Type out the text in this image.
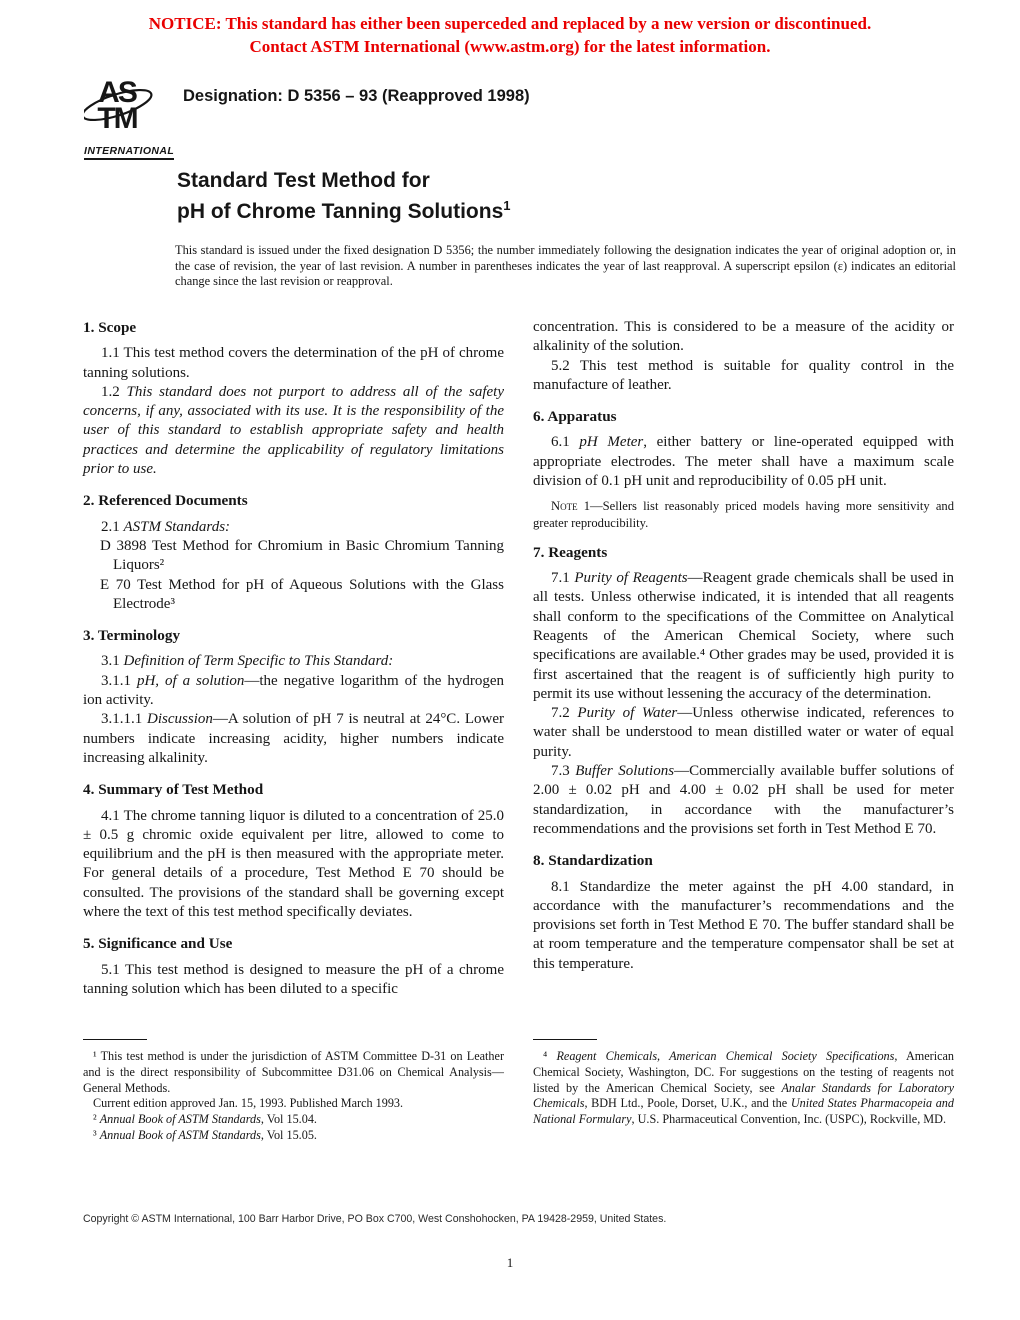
NOTICE: This standard has either been superceded and replaced by a new version or discontinued.
Contact ASTM International (www.astm.org) for the latest information.
AS
TM
INTERNATIONAL
Designation: D 5356 – 93 (Reapproved 1998)
Standard Test Method for
pH of Chrome Tanning Solutions$^1$

This standard is issued under the fixed designation D 5356; the number immediately following the designation indicates the year of original adoption or, in the case of revision, the year of last revision. A number in parentheses indicates the year of last reapproval. A superscript epsilon (ε) indicates an editorial change since the last revision or reapproval.

1. Scope

1.1 This test method covers the determination of the pH of chrome tanning solutions.

1.2 This standard does not purport to address all of the safety concerns, if any, associated with its use. It is the responsibility of the user of this standard to establish appropriate safety and health practices and determine the applicability of regulatory limitations prior to use.

2. Referenced Documents

2.1 ASTM Standards:

D 3898 Test Method for Chromium in Basic Chromium Tanning Liquors²

E 70 Test Method for pH of Aqueous Solutions with the Glass Electrode³

3. Terminology

3.1 Definition of Term Specific to This Standard:

3.1.1 pH, of a solution—the negative logarithm of the hydrogen ion activity.

3.1.1.1 Discussion—A solution of pH 7 is neutral at 24°C. Lower numbers indicate increasing acidity, higher numbers indicate increasing alkalinity.

4. Summary of Test Method

4.1 The chrome tanning liquor is diluted to a concentration of 25.0 ± 0.5 g chromic oxide equivalent per litre, allowed to come to equilibrium and the pH is then measured with the appropriate meter. For general details of a procedure, Test Method E 70 should be consulted. The provisions of the standard shall be governing except where the text of this test method specifically deviates.

5. Significance and Use

5.1 This test method is designed to measure the pH of a chrome tanning solution which has been diluted to a specific

concentration. This is considered to be a measure of the acidity or alkalinity of the solution.

5.2 This test method is suitable for quality control in the manufacture of leather.

6. Apparatus

6.1 pH Meter, either battery or line-operated equipped with appropriate electrodes. The meter shall have a maximum scale division of 0.1 pH unit and reproducibility of 0.05 pH unit.

Note 1—Sellers list reasonably priced models having more sensitivity and greater reproducibility.

7. Reagents

7.1 Purity of Reagents—Reagent grade chemicals shall be used in all tests. Unless otherwise indicated, it is intended that all reagents shall conform to the specifications of the Committee on Analytical Reagents of the American Chemical Society, where such specifications are available.⁴ Other grades may be used, provided it is first ascertained that the reagent is of sufficiently high purity to permit its use without lessening the accuracy of the determination.

7.2 Purity of Water—Unless otherwise indicated, references to water shall be understood to mean distilled water or water of equal purity.

7.3 Buffer Solutions—Commercially available buffer solutions of 2.00 ± 0.02 pH and 4.00 ± 0.02 pH shall be used for meter standardization, in accordance with the manufacturer’s recommendations and the provisions set forth in Test Method E 70.

8. Standardization

8.1 Standardize the meter against the pH 4.00 standard, in accordance with the manufacturer’s recommendations and the provisions set forth in Test Method E 70. The buffer standard shall be at room temperature and the temperature compensator shall be set at this temperature.

¹ This test method is under the jurisdiction of ASTM Committee D-31 on Leather and is the direct responsibility of Subcommittee D31.06 on Chemical Analysis—General Methods.

Current edition approved Jan. 15, 1993. Published March 1993.

² Annual Book of ASTM Standards, Vol 15.04.

³ Annual Book of ASTM Standards, Vol 15.05.

⁴ Reagent Chemicals, American Chemical Society Specifications, American Chemical Society, Washington, DC. For suggestions on the testing of reagents not listed by the American Chemical Society, see Analar Standards for Laboratory Chemicals, BDH Ltd., Poole, Dorset, U.K., and the United States Pharmacopeia and National Formulary, U.S. Pharmaceutical Convention, Inc. (USPC), Rockville, MD.

Copyright © ASTM International, 100 Barr Harbor Drive, PO Box C700, West Conshohocken, PA 19428-2959, United States.
1
